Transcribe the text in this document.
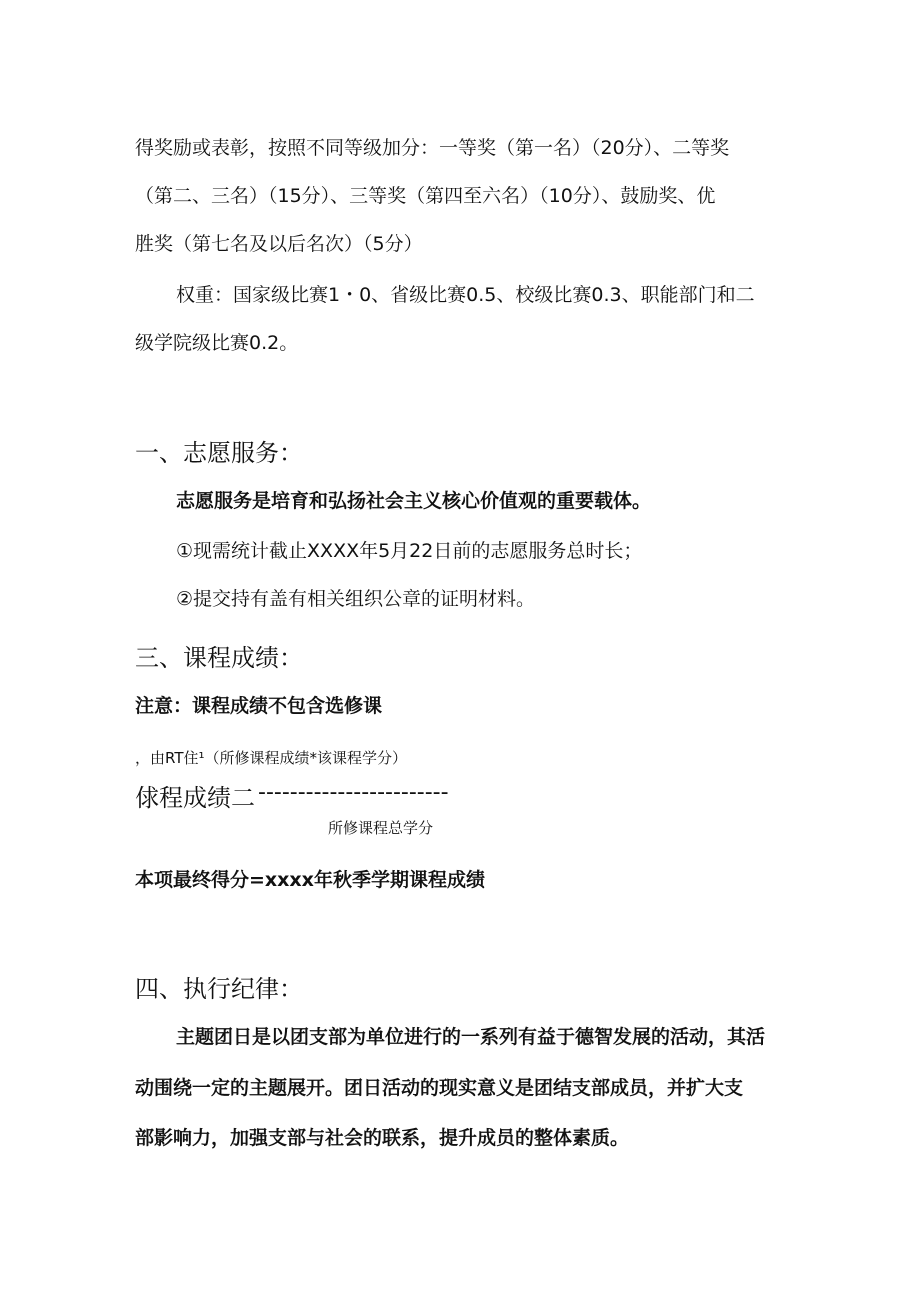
得奖励或表彰，按照不同等级加分：一等奖（第一名）（20分）、二等奖
（第二、三名）（15分）、三等奖（第四至六名）（10分）、鼓励奖、优
胜奖（第七名及以后名次）（5分）
权重：国家级比赛1・0、省级比赛0.5、校级比赛0.3、职能部门和二
级学院级比赛0.2。
一、志愿服务：
志愿服务是培育和弘扬社会主义核心价值观的重要载体。
①现需统计截止XXXX年5月22日前的志愿服务总时长；
②提交持有盖有相关组织公章的证明材料。
三、课程成绩：
注意：课程成绩不包含选修课
，由RT住¹（所修课程成绩*该课程学分）
俅程成绩二 ------------------------
所修课程总学分
本项最终得分=xxxx年秋季学期课程成绩
四、执行纪律：
主题团日是以团支部为单位进行的一系列有益于德智发展的活动，其活
动围绕一定的主题展开。团日活动的现实意义是团结支部成员，并扩大支
部影响力，加强支部与社会的联系，提升成员的整体素质。
